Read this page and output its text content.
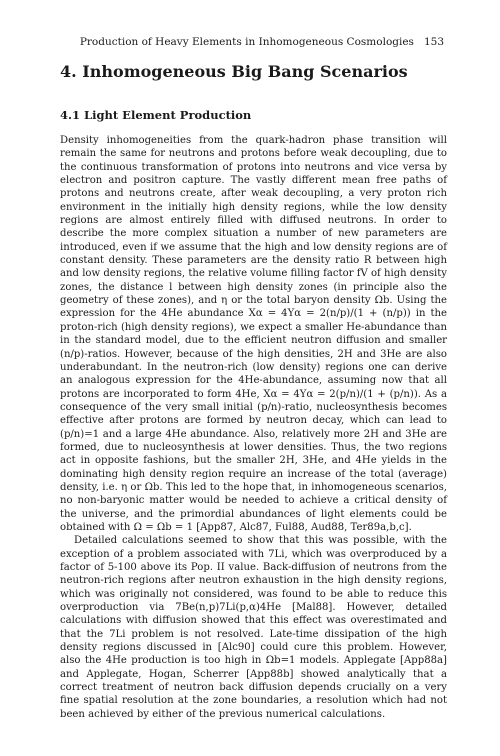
Production of Heavy Elements in Inhomogeneous Cosmologies 153
4. Inhomogeneous Big Bang Scenarios
4.1 Light Element Production

Density inhomogeneities from the quark-hadron phase transition will remain the same for neutrons and protons before weak decoupling, due to the continuous transformation of protons into neutrons and vice versa by electron and positron capture. The vastly different mean free paths of protons and neutrons create, after weak decoupling, a very proton rich environment in the initially high density regions, while the low density regions are almost entirely filled with diffused neutrons. In order to describe the more complex situation a number of new parameters are introduced, even if we assume that the high and low density regions are of constant density. These parameters are the density ratio R between high and low density regions, the relative volume filling factor fV of high density zones, the distance l between high density zones (in principle also the geometry of these zones), and η or the total baryon density Ωb. Using the expression for the 4He abundance Xα = 4Yα = 2(n/p)/(1 + (n/p)) in the proton-rich (high density regions), we expect a smaller He-abundance than in the standard model, due to the efficient neutron diffusion and smaller (n/p)-ratios. However, because of the high densities, 2H and 3He are also underabundant. In the neutron-rich (low density) regions one can derive an analogous expression for the 4He-abundance, assuming now that all protons are incorporated to form 4He, Xα = 4Yα = 2(p/n)/(1 + (p/n)). As a consequence of the very small initial (p/n)-ratio, nucleosynthesis becomes effective after protons are formed by neutron decay, which can lead to (p/n)=1 and a large 4He abundance. Also, relatively more 2H and 3He are formed, due to nucleosynthesis at lower densities. Thus, the two regions act in opposite fashions, but the smaller 2H, 3He, and 4He yields in the dominating high density region require an increase of the total (average) density, i.e. η or Ωb. This led to the hope that, in inhomogeneous scenarios, no non-baryonic matter would be needed to achieve a critical density of the universe, and the primordial abundances of light elements could be obtained with Ω = Ωb = 1 [App87, Alc87, Ful88, Aud88, Ter89a,b,c].

Detailed calculations seemed to show that this was possible, with the exception of a problem associated with 7Li, which was overproduced by a factor of 5-100 above its Pop. II value. Back-diffusion of neutrons from the neutron-rich regions after neutron exhaustion in the high density regions, which was originally not considered, was found to be able to reduce this overproduction via 7Be(n,p)7Li(p,α)4He [Mal88]. However, detailed calculations with diffusion showed that this effect was overestimated and that the 7Li problem is not resolved. Late-time dissipation of the high density regions discussed in [Alc90] could cure this problem. However, also the 4He production is too high in Ωb=1 models. Applegate [App88a] and Applegate, Hogan, Scherrer [App88b] showed analytically that a correct treatment of neutron back diffusion depends crucially on a very fine spatial resolution at the zone boundaries, a resolution which had not been achieved by either of the previous numerical calculations.
